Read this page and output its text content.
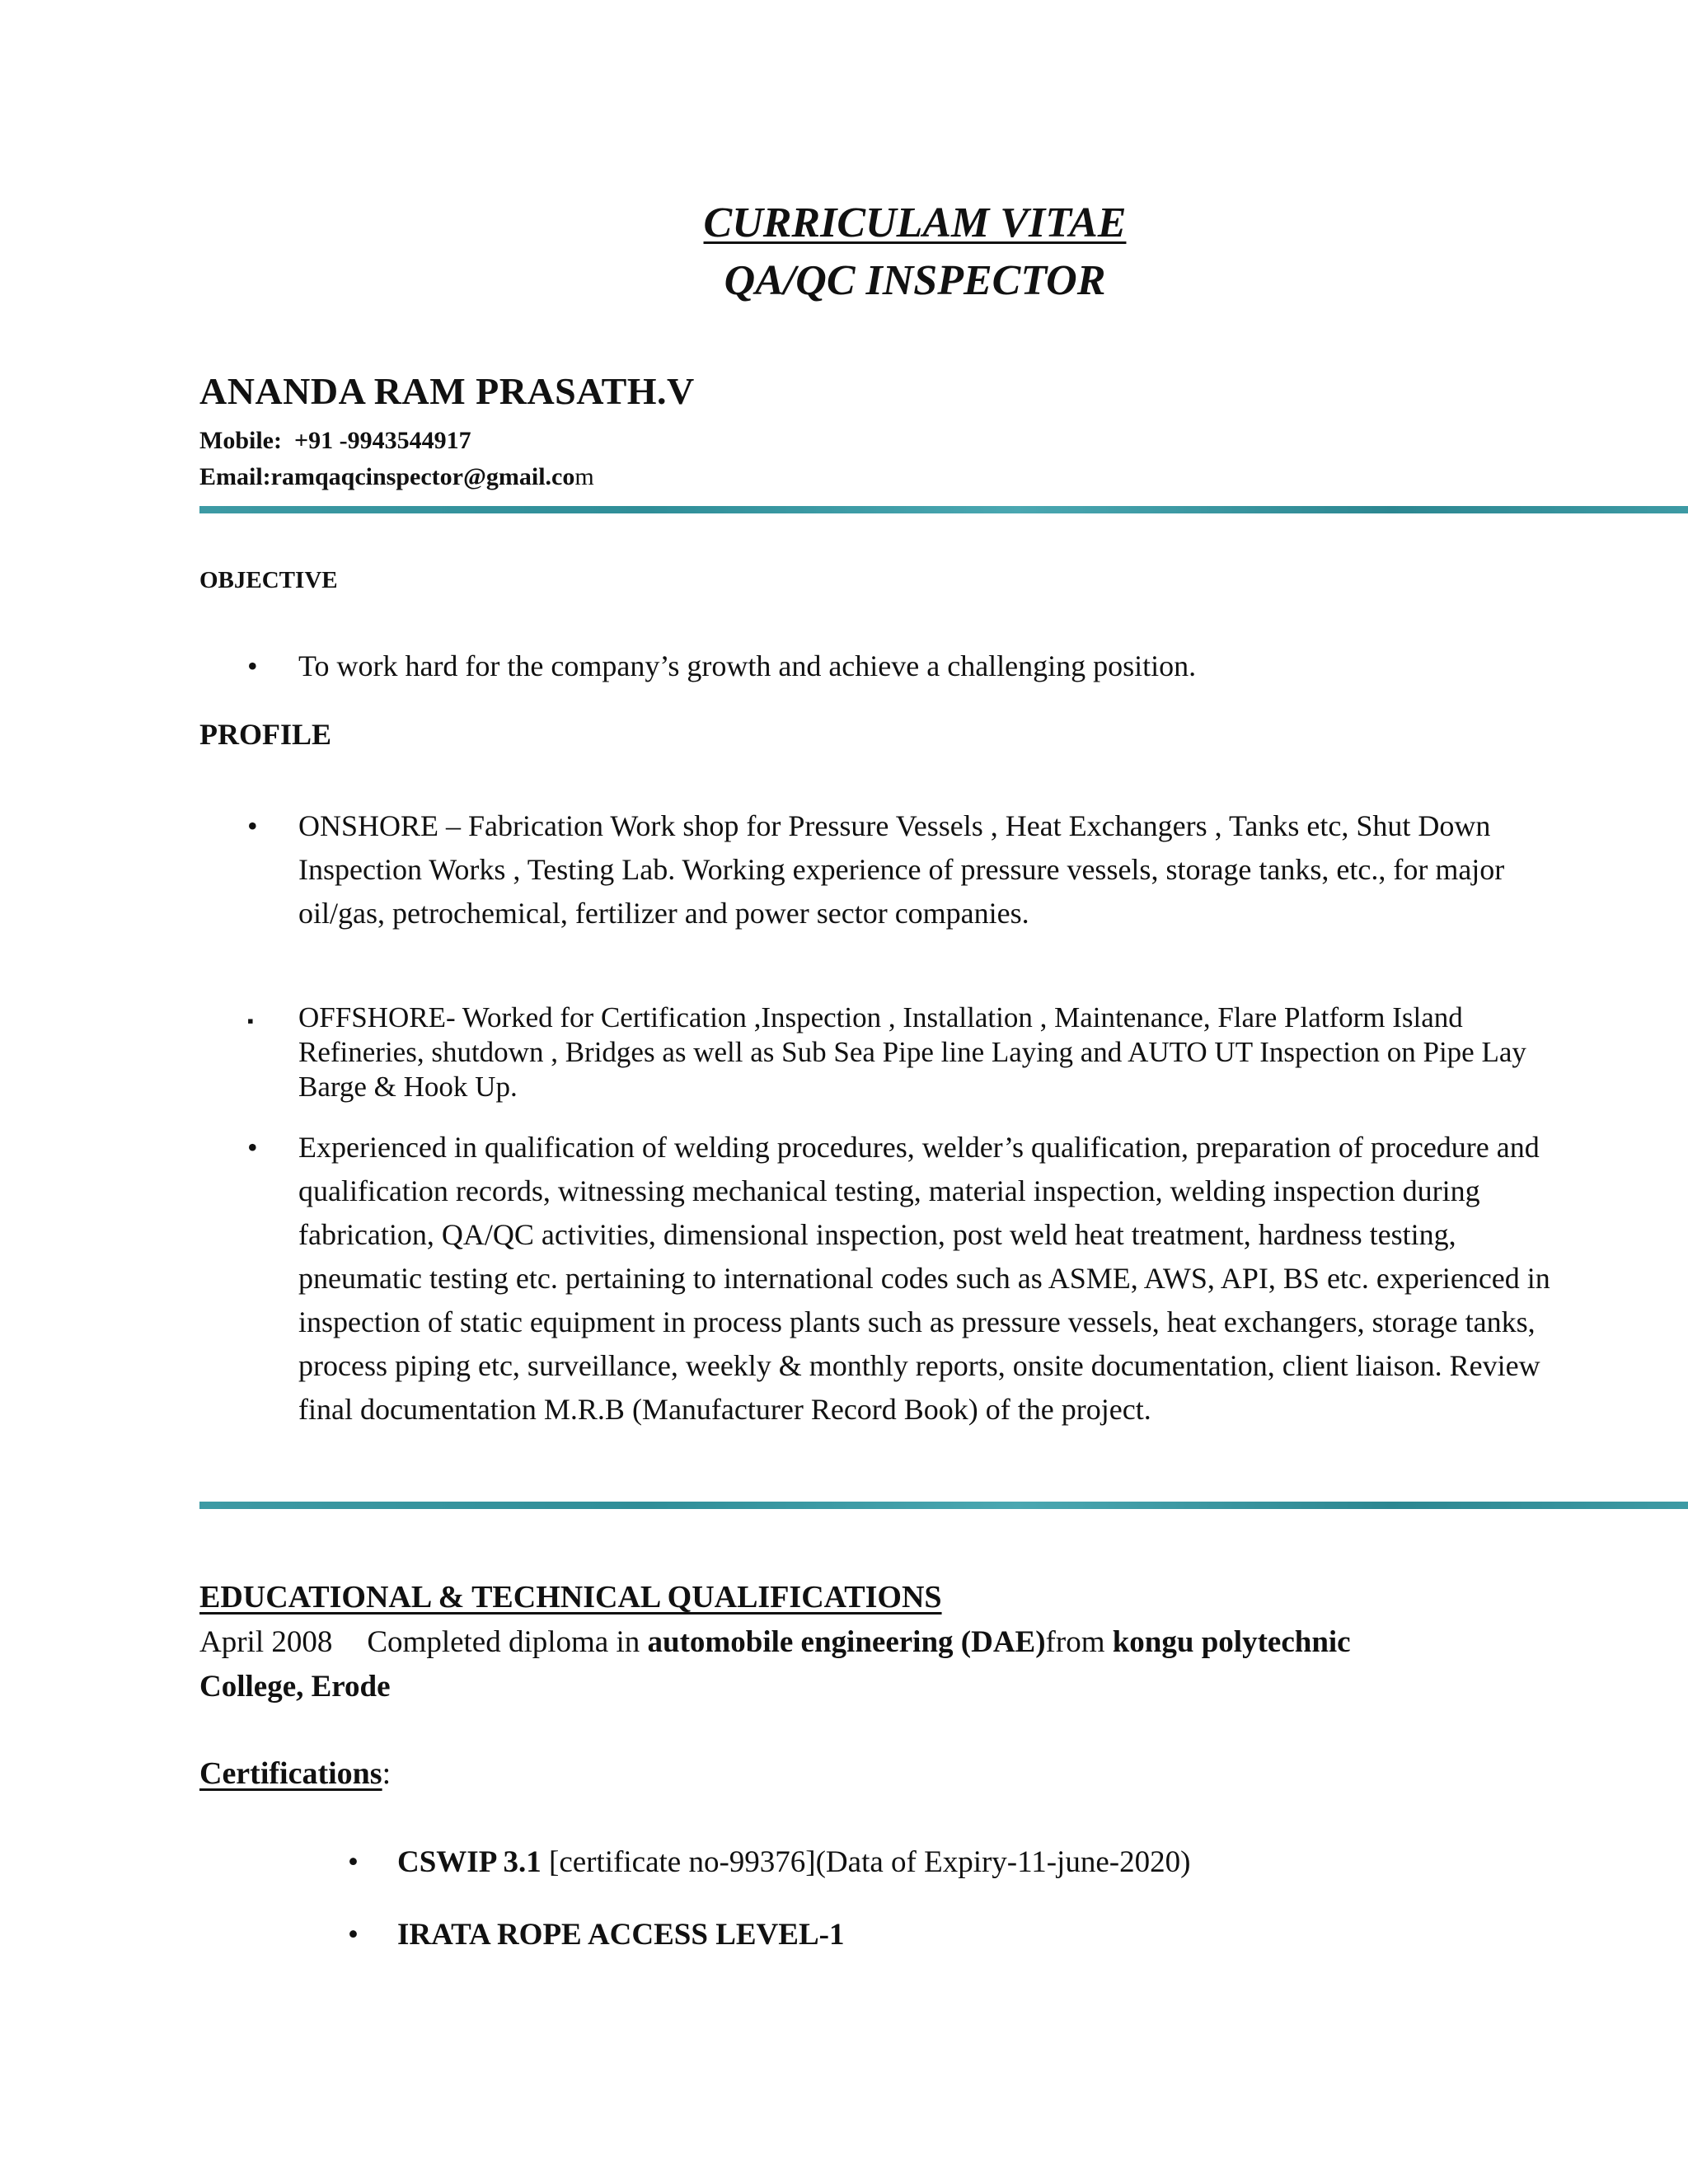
CURRICULAM VITAE
QA/QC INSPECTOR
ANANDA RAM PRASATH.V
Mobile: +91 -9943544917
Email:ramqaqcinspector@gmail.com
OBJECTIVE
•	To work hard for the company’s growth and achieve a challenging position.
PROFILE
•	ONSHORE – Fabrication Work shop for Pressure Vessels , Heat Exchangers , Tanks etc, Shut Down Inspection Works , Testing Lab. Working experience of pressure vessels, storage tanks, etc., for major oil/gas, petrochemical, fertilizer and power sector companies.
▪	OFFSHORE- Worked for Certification ,Inspection , Installation , Maintenance, Flare Platform Island Refineries, shutdown , Bridges as well as Sub Sea Pipe line Laying and AUTO UT Inspection on Pipe Lay Barge & Hook Up.
•	Experienced in qualification of welding procedures, welder’s qualification, preparation of procedure and qualification records, witnessing mechanical testing, material inspection, welding inspection during fabrication, QA/QC activities, dimensional inspection, post weld heat treatment, hardness testing, pneumatic testing etc. pertaining to international codes such as ASME, AWS, API, BS etc. experienced in inspection of static equipment in process plants such as pressure vessels, heat exchangers, storage tanks, process piping etc, surveillance, weekly & monthly reports, onsite documentation, client liaison. Review final documentation M.R.B (Manufacturer Record Book) of the project.
EDUCATIONAL & TECHNICAL QUALIFICATIONS
April 2008 Completed diploma in automobile engineering (DAE)from kongu polytechnic College, Erode
Certifications:
• CSWIP 3.1 [certificate no-99376](Data of Expiry-11-june-2020)
• IRATA ROPE ACCESS LEVEL-1
